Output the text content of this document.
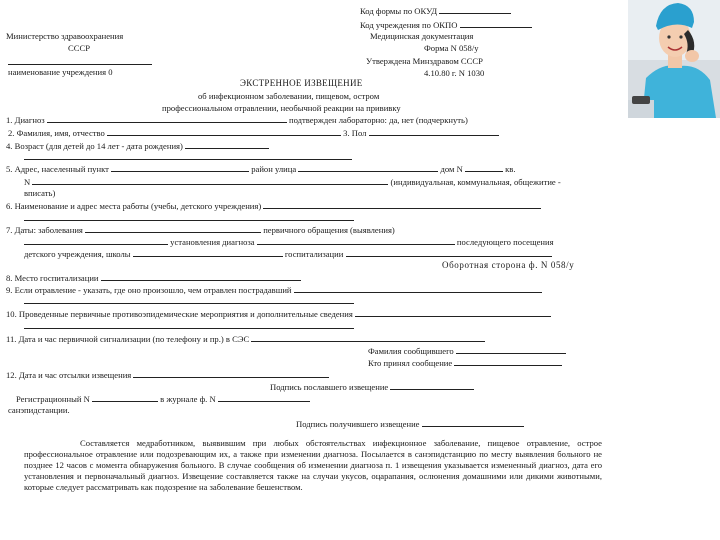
Код формы по ОКУД
Код учреждения по ОКПО
Министерство здравоохранения	Медицинская документация
СССР	Форма N 058/у
Утверждена Минздравом СССР
наименование учреждения 0	4.10.80 г. N 1030
ЭКСТРЕННОЕ ИЗВЕЩЕНИЕ
об инфекционном заболевании, пищевом, остром
профессиональном отравлении, необычной реакции на прививку
1. Диагноз	подтвержден лабораторно: да, нет (подчеркнуть)
2. Фамилия, имя, отчество	3. Пол
4. Возраст (для детей до 14 лет - дата рождения)
5. Адрес, населенный пункт	район улица	дом N	кв.
N	(индивидуальная, коммунальная, общежитие -
вписать)
6. Наименование и адрес места работы (учебы, детского учреждения)
7. Даты: заболевания	первичного обращения (выявления)
установления диагноза	последующего посещения
детского учреждения, школы	госпитализации
Оборотная сторона ф. N 058/у
8. Место госпитализации
9. Если отравление - указать, где оно произошло, чем отравлен пострадавший
10. Проведенные первичные противоэпидемические мероприятия и дополнительные сведения
11. Дата и час первичной сигнализации (по телефону и пр.) в СЭС
Фамилия сообщившего
Кто принял сообщение
12. Дата и час отсылки извещения
Подпись пославшего извещение
Регистрационный N	в журнале ф. N
санэпидстанции.
Подпись получившего извещение
Составляется медработником, выявившим при любых обстоятельствах инфекционное заболевание, пищевое отравление, острое профессиональное отравление или подозревающим их, а также при изменении диагноза. Посылается в санэпидстанцию по месту выявления больного не позднее 12 часов с момента обнаружения больного. В случае сообщения об изменении диагноза п. 1 извещения указывается измененный диагноз, дата его установления и первоначальный диагноз. Извещение составляется также на случаи укусов, оцарапания, ослюнения домашними или дикими животными, которые следует рассматривать как подозрение на заболевание бешенством.
